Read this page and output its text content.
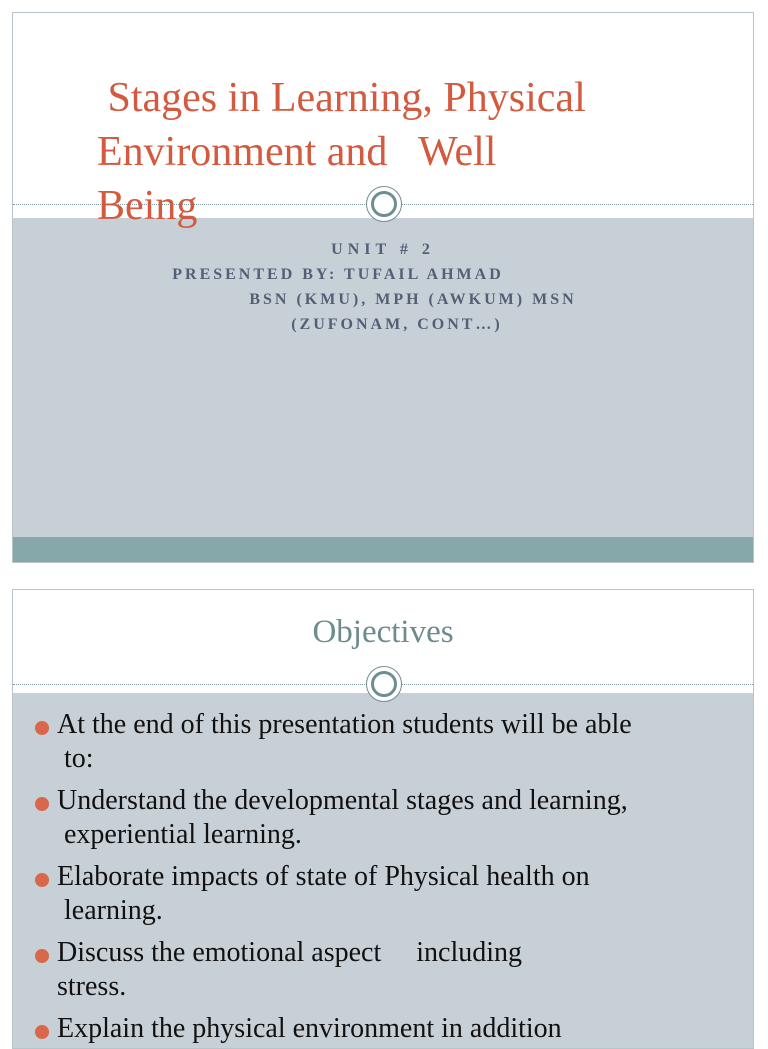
Stages in Learning, Physical
Environment and   Well
Being
UNIT # 2
PRESENTED BY: TUFAIL AHMAD
BSN (KMU), MPH (AWKUM) MSN
(ZUFONAM, CONT…)
Objectives
At the end of this presentation students will be able
to:
Understand the developmental stages and learning,
experiential learning.
Elaborate impacts of state of Physical health on
learning.
Discuss the emotional aspect     including
stress.
Explain the physical environment in addition
